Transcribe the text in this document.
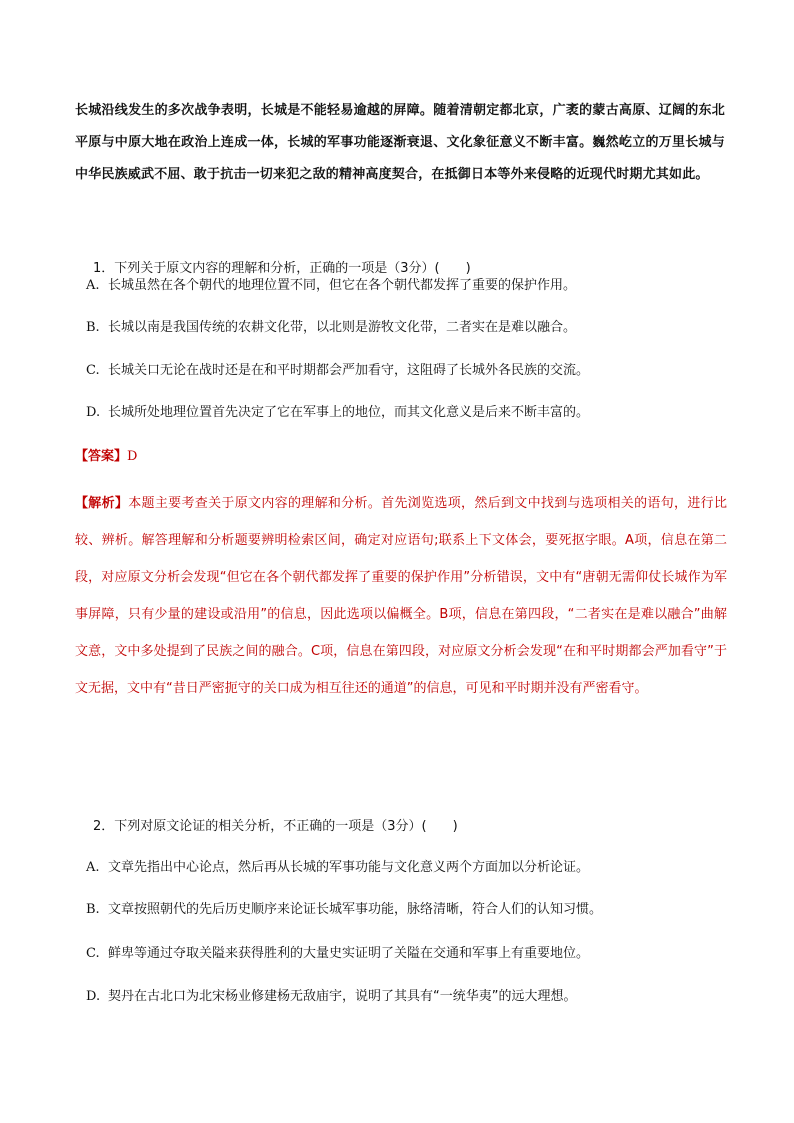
长城沿线发生的多次战争表明，长城是不能轻易逾越的屏障。随着清朝定都北京，广袤的蒙古高原、辽阔的东北平原与中原大地在政治上连成一体，长城的军事功能逐渐衰退、文化象征意义不断丰富。巍然屹立的万里长城与中华民族威武不屈、敢于抗击一切来犯之敌的精神高度契合，在抵御日本等外来侵略的近现代时期尤其如此。

1．下列关于原文内容的理解和分析，正确的一项是（3分）(　　)
A. 长城虽然在各个朝代的地理位置不同，但它在各个朝代都发挥了重要的保护作用。
B. 长城以南是我国传统的农耕文化带，以北则是游牧文化带，二者实在是难以融合。
C. 长城关口无论在战时还是在和平时期都会严加看守，这阻碍了长城外各民族的交流。
D. 长城所处地理位置首先决定了它在军事上的地位，而其文化意义是后来不断丰富的。
【答案】D
【解析】本题主要考查关于原文内容的理解和分析。首先浏览选项，然后到文中找到与选项相关的语句，进行比较、辨析。解答理解和分析题要辨明检索区间，确定对应语句;联系上下文体会，要死抠字眼。A项，信息在第二段，对应原文分析会发现“但它在各个朝代都发挥了重要的保护作用”分析错误，文中有“唐朝无需仰仗长城作为军事屏障，只有少量的建设或沿用”的信息，因此选项以偏概全。B项，信息在第四段，“二者实在是难以融合”曲解文意，文中多处提到了民族之间的融合。C项，信息在第四段，对应原文分析会发现“在和平时期都会严加看守”于文无据，文中有“昔日严密扼守的关口成为相互往还的通道”的信息，可见和平时期并没有严密看守。
2．下列对原文论证的相关分析，不正确的一项是（3分）(　　)
A. 文章先指出中心论点，然后再从长城的军事功能与文化意义两个方面加以分析论证。
B. 文章按照朝代的先后历史顺序来论证长城军事功能，脉络清晰，符合人们的认知习惯。
C. 鲜卑等通过夺取关隘来获得胜利的大量史实证明了关隘在交通和军事上有重要地位。
D. 契丹在古北口为北宋杨业修建杨无敌庙宇，说明了其具有“一统华夷”的远大理想。
